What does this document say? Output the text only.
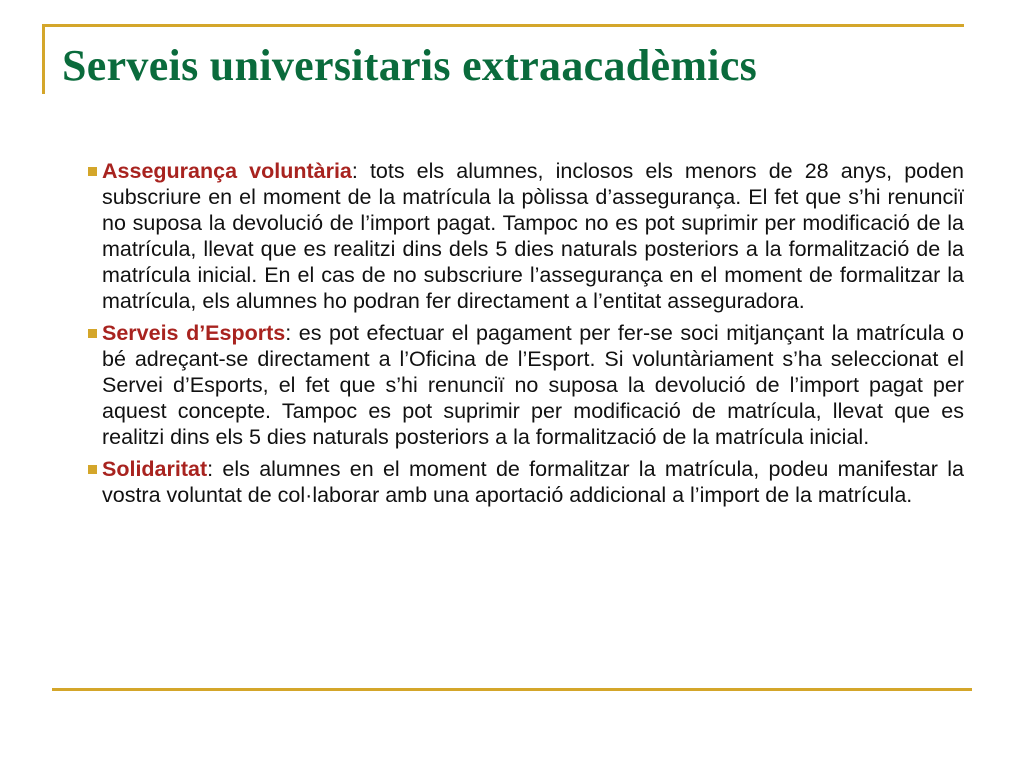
Serveis universitaris extraacadèmics
Assegurança voluntària: tots els alumnes, inclosos els menors de 28 anys, poden subscriure en el moment de la matrícula la pòlissa d’assegurança. El fet que s’hi renunciï no suposa la devolució de l’import pagat. Tampoc no es pot suprimir per modificació de la matrícula, llevat que es realitzi dins dels 5 dies naturals posteriors a la formalització de la matrícula inicial. En el cas de no subscriure l’assegurança en el moment de formalitzar la matrícula, els alumnes ho podran fer directament a l’entitat asseguradora.
Serveis d’Esports: es pot efectuar el pagament per fer-se soci mitjançant la matrícula o bé adreçant-se directament a l’Oficina de l’Esport. Si voluntàriament s’ha seleccionat el Servei d’Esports, el fet que s’hi renunciï no suposa la devolució de l’import pagat per aquest concepte. Tampoc es pot suprimir per modificació de matrícula, llevat que es realitzi dins els 5 dies naturals posteriors a la formalització de la matrícula inicial.
Solidaritat: els alumnes en el moment de formalitzar la matrícula, podeu manifestar la vostra voluntat de col·laborar amb una aportació addicional a l’import de la matrícula.
